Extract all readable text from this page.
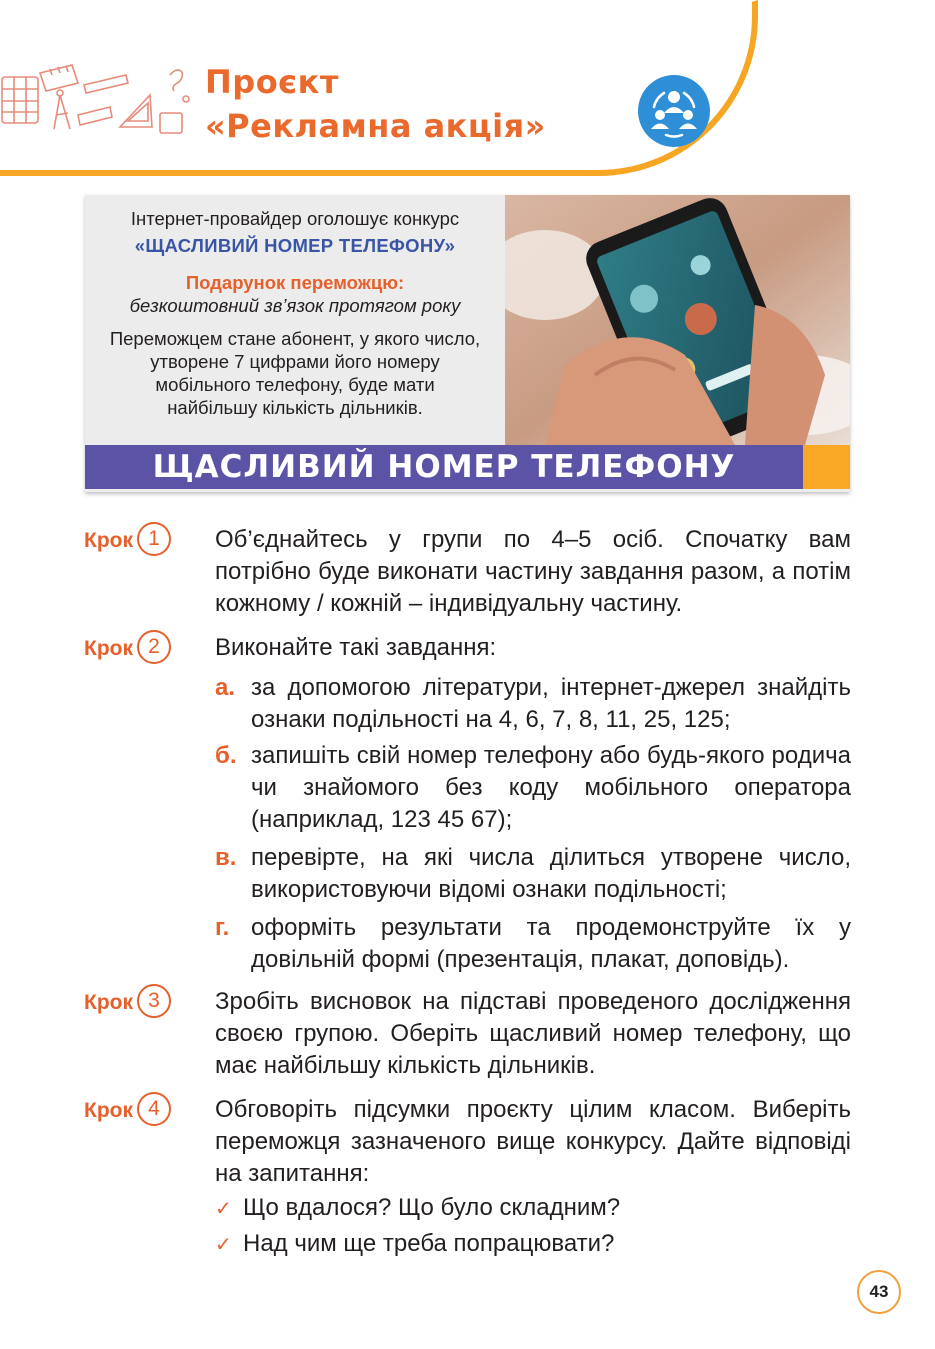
Проєкт
«Рекламна акція»

Інтернет-провайдер оголошує конкурс

«ЩАСЛИВИЙ НОМЕР ТЕЛЕФОНУ»

Подарунок переможцю:

безкоштовний зв’язок протягом року

Переможцем стане абонент, у якого число, утворене 7 цифрами його номеру мобільного телефону, буде мати найбільшу кількість дільників.

ЩАСЛИВИЙ НОМЕР ТЕЛЕФОНУ
Крок 1	Об’єднайтесь у групи по 4–5 осіб. Спочатку вам потрібно буде виконати частину завдання разом, а потім кожному / кожній – індивідуальну частину.
Крок 2	Виконайте такі завдання:
а. за допомогою літератури, інтернет-джерел знайдіть ознаки подільності на 4, 6, 7, 8, 11, 25, 125;
б. запишіть свій номер телефону або будь-якого родича чи знайомого без коду мобільного оператора (наприклад, 123 45 67);
в. перевірте, на які числа ділиться утворене число, використовуючи відомі ознаки подільності;
г. оформіть результати та продемонструйте їх у довільній формі (презентація, плакат, доповідь).
Крок 3	Зробіть висновок на підставі проведеного дослідження своєю групою. Оберіть щасливий номер телефону, що має найбільшу кількість дільників.
Крок 4	Обговоріть підсумки проєкту цілим класом. Виберіть переможця зазначеного вище конкурсу. Дайте відповіді на запитання:
✓ Що вдалося? Що було складним?
✓ Над чим ще треба попрацювати?
43
